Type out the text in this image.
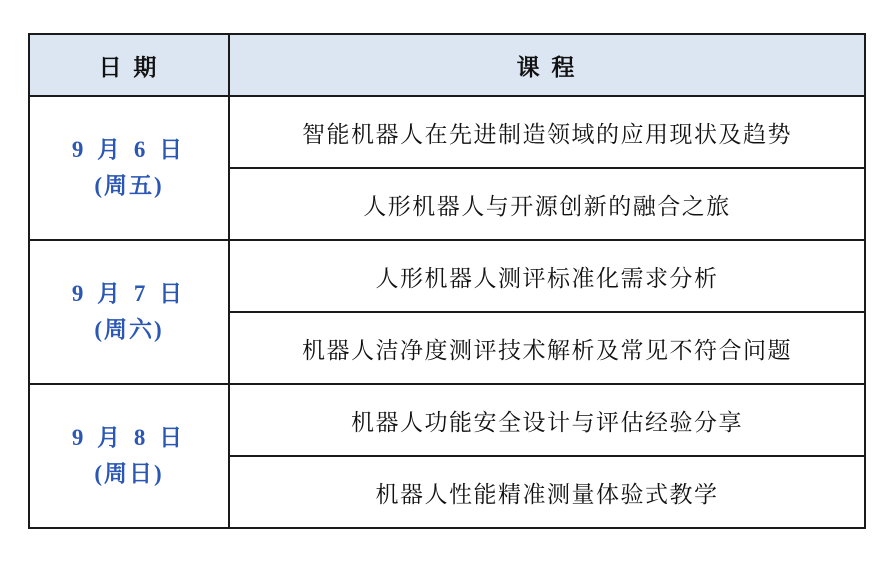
日 期	课 程

9 月 6 日
(周五)	智能机器人在先进制造领域的应用现状及趋势
	人形机器人与开源创新的融合之旅

9 月 7 日
(周六)	人形机器人测评标准化需求分析
	机器人洁净度测评技术解析及常见不符合问题

9 月 8 日
(周日)	机器人功能安全设计与评估经验分享
	机器人性能精准测量体验式教学
